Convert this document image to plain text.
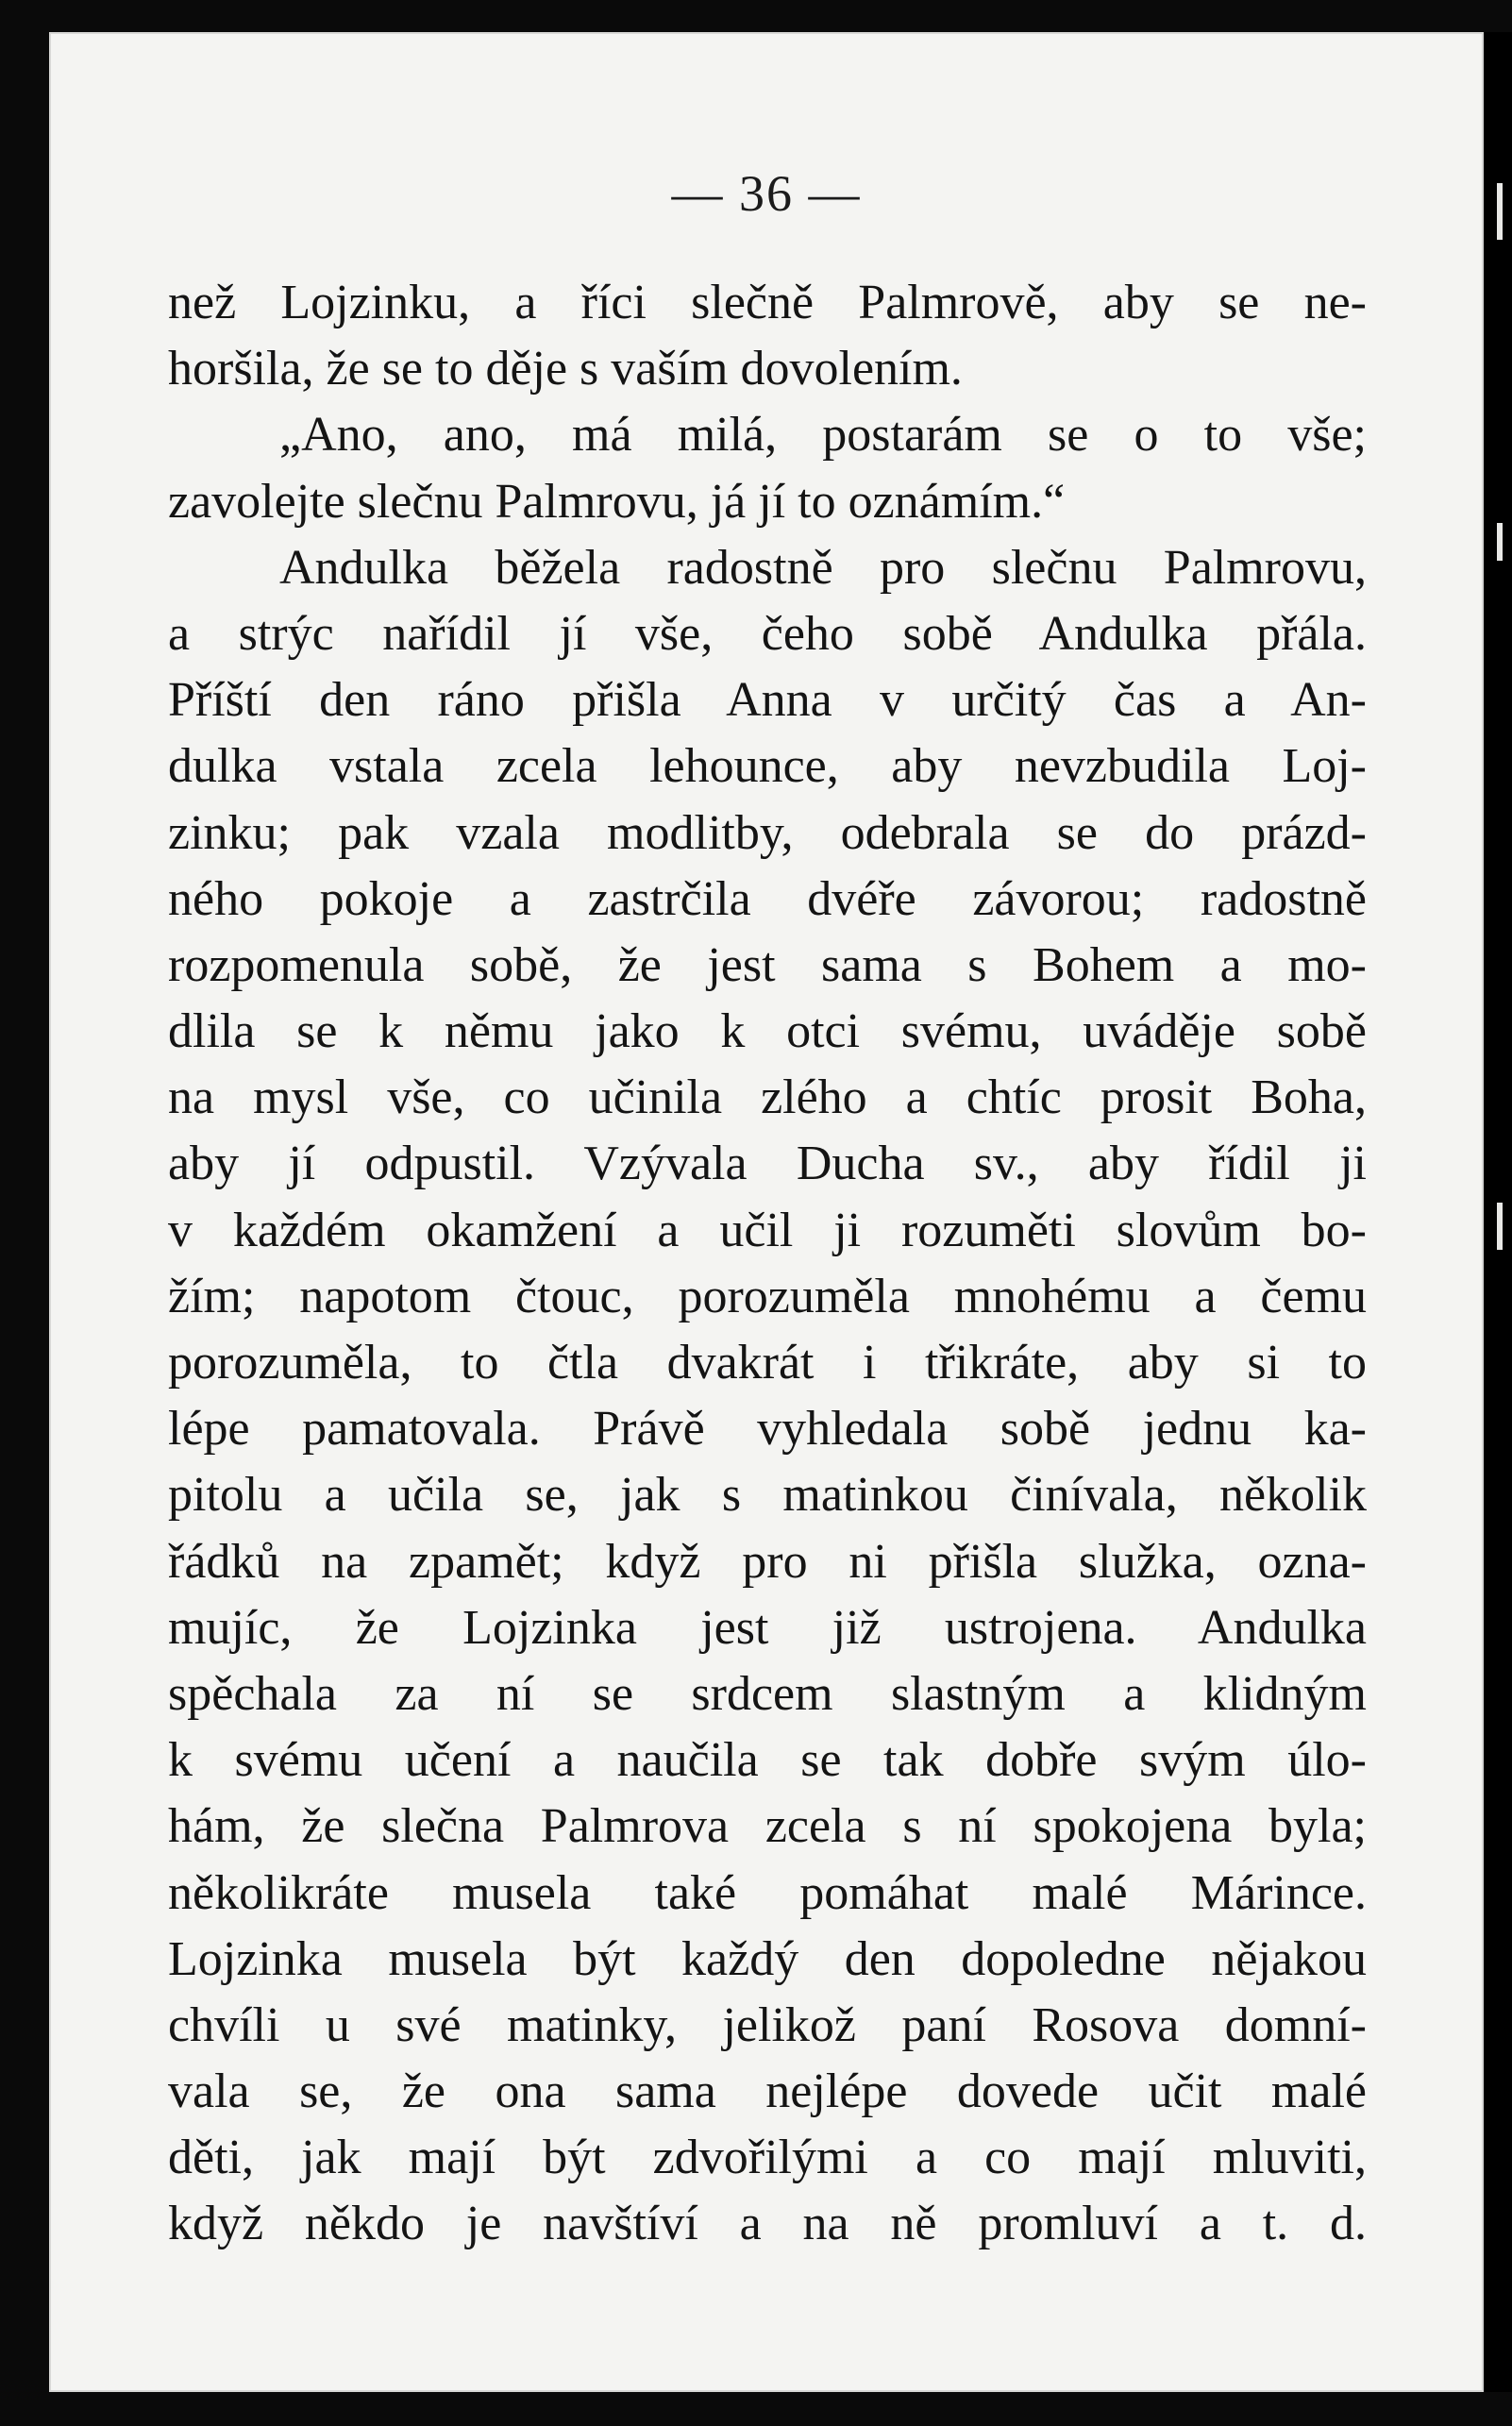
— 36 —
než Lojzinku, a říci slečně Palmrově, aby se ne-
horšila, že se to děje s vaším dovolením.
„Ano, ano, má milá, postarám se o to vše;
zavolejte slečnu Palmrovu, já jí to oznámím.“
Andulka běžela radostně pro slečnu Palmrovu,
a strýc nařídil jí vše, čeho sobě Andulka přála.
Příští den ráno přišla Anna v určitý čas a An-
dulka vstala zcela lehounce, aby nevzbudila Loj-
zinku; pak vzala modlitby, odebrala se do prázd-
ného pokoje a zastrčila dvéře závorou; radostně
rozpomenula sobě, že jest sama s Bohem a mo-
dlila se k němu jako k otci svému, uváděje sobě
na mysl vše, co učinila zlého a chtíc prosit Boha,
aby jí odpustil. Vzývala Ducha sv., aby řídil ji
v každém okamžení a učil ji rozuměti slovům bo-
žím; napotom čtouc, porozuměla mnohému a čemu
porozuměla, to čtla dvakrát i třikráte, aby si to
lépe pamatovala. Právě vyhledala sobě jednu ka-
pitolu a učila se, jak s matinkou činívala, několik
řádků na zpamět; když pro ni přišla služka, ozna-
mujíc, že Lojzinka jest již ustrojena. Andulka
spěchala za ní se srdcem slastným a klidným
k svému učení a naučila se tak dobře svým úlo-
hám, že slečna Palmrova zcela s ní spokojena byla;
několikráte musela také pomáhat malé Márince.
Lojzinka musela být každý den dopoledne nějakou
chvíli u své matinky, jelikož paní Rosova domní-
vala se, že ona sama nejlépe dovede učit malé
děti, jak mají být zdvořilými a co mají mluviti,
když někdo je navštíví a na ně promluví a t. d.
